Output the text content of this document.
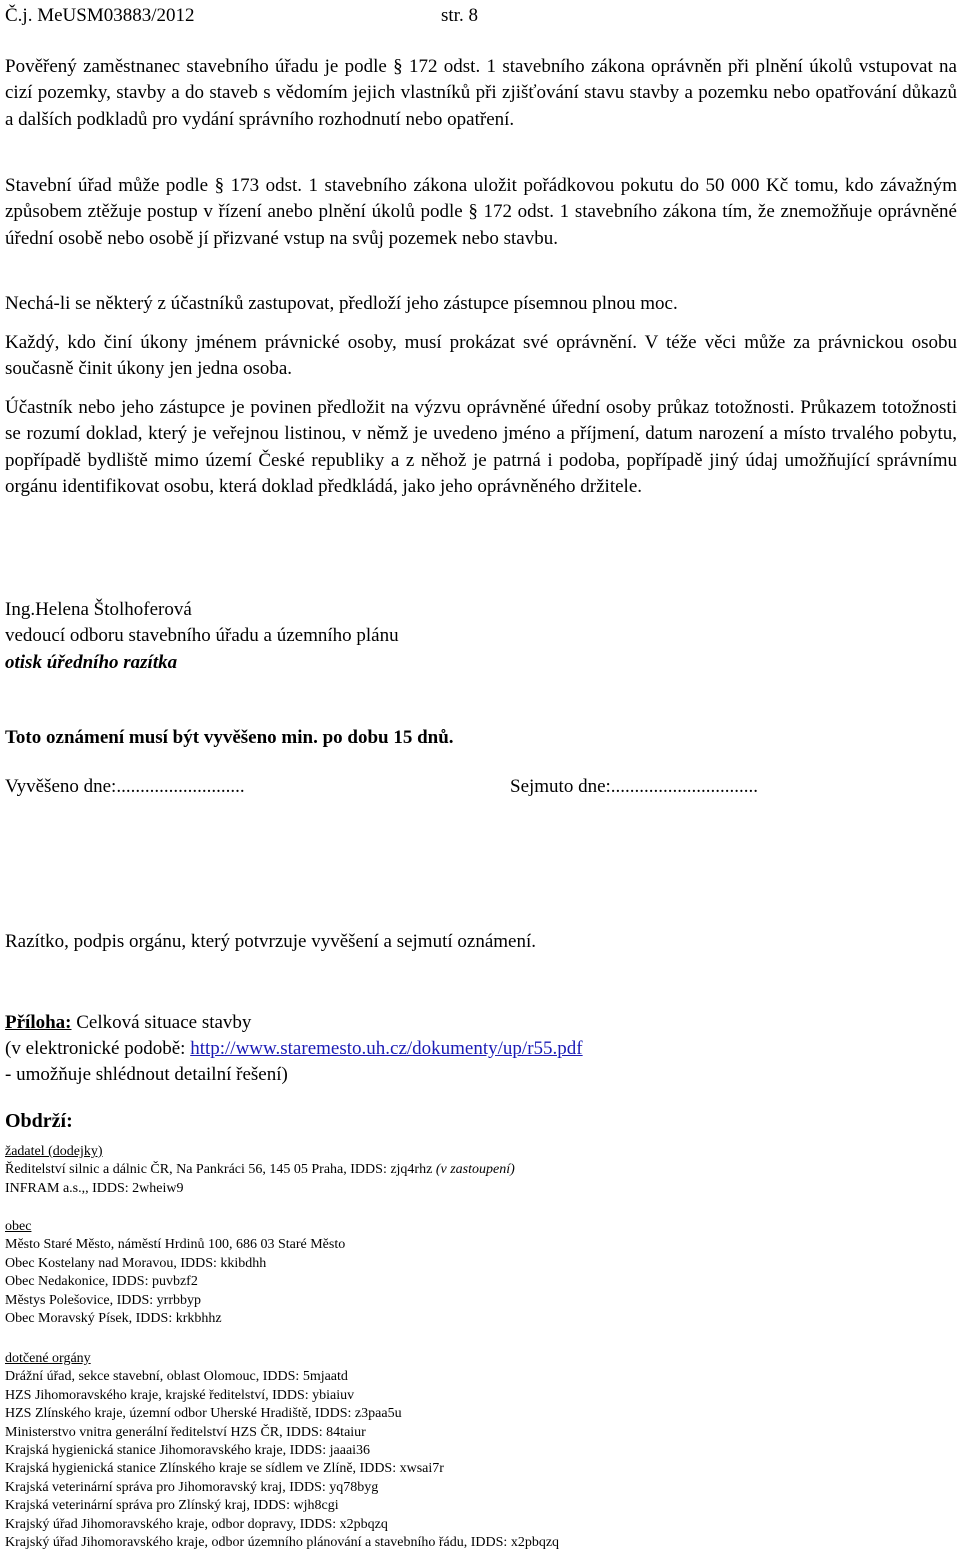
Č.j. MeUSM03883/2012	str. 8

Pověřený zaměstnanec stavebního úřadu je podle § 172 odst. 1 stavebního zákona oprávněn při plnění úkolů vstupovat na cizí pozemky, stavby a do staveb s vědomím jejich vlastníků při zjišťování stavu stavby a pozemku nebo opatřování důkazů a dalších podkladů pro vydání správního rozhodnutí nebo opatření.

Stavební úřad může podle § 173 odst. 1 stavebního zákona uložit pořádkovou pokutu do 50 000 Kč tomu, kdo závažným způsobem ztěžuje postup v řízení anebo plnění úkolů podle § 172 odst. 1 stavebního zákona tím, že znemožňuje oprávněné úřední osobě nebo osobě jí přizvané vstup na svůj pozemek nebo stavbu.

Nechá-li se některý z účastníků zastupovat, předloží jeho zástupce písemnou plnou moc.

Každý, kdo činí úkony jménem právnické osoby, musí prokázat své oprávnění. V téže věci může za právnickou osobu současně činit úkony jen jedna osoba.

Účastník nebo jeho zástupce je povinen předložit na výzvu oprávněné úřední osoby průkaz totožnosti. Průkazem totožnosti se rozumí doklad, který je veřejnou listinou, v němž je uvedeno jméno a příjmení, datum narození a místo trvalého pobytu, popřípadě bydliště mimo území České republiky a z něhož je patrná i podoba, popřípadě jiný údaj umožňující správnímu orgánu identifikovat osobu, která doklad předkládá, jako jeho oprávněného držitele.

Ing.Helena Štolhoferová
vedoucí odboru stavebního úřadu a územního plánu
otisk úředního razítka
Toto oznámení musí být vyvěšeno min. po dobu 15 dnů.
Vyvěšeno dne:...........................	Sejmuto dne:...............................
Razítko, podpis orgánu, který potvrzuje vyvěšení a sejmutí oznámení.
Příloha: Celková situace stavby
(v elektronické podobě: http://www.staremesto.uh.cz/dokumenty/up/r55.pdf
- umožňuje shlédnout detailní řešení)
Obdrží:
žadatel (dodejky)
Ředitelství silnic a dálnic ČR, Na Pankráci 56, 145 05 Praha, IDDS: zjq4rhz (v zastoupení)
INFRAM a.s.,, IDDS: 2wheiw9
obec
Město Staré Město, náměstí Hrdinů 100, 686 03 Staré Město
Obec Kostelany nad Moravou, IDDS: kkibdhh
Obec Nedakonice, IDDS: puvbzf2
Městys Polešovice, IDDS: yrrbbyp
Obec Moravský Písek, IDDS: krkbhhz
dotčené orgány
Drážní úřad, sekce stavební, oblast Olomouc, IDDS: 5mjaatd
HZS Jihomoravského kraje, krajské ředitelství, IDDS: ybiaiuv
HZS Zlínského kraje, územní odbor Uherské Hradiště, IDDS: z3paa5u
Ministerstvo vnitra generální ředitelství HZS ČR, IDDS: 84taiur
Krajská hygienická stanice Jihomoravského kraje, IDDS: jaaai36
Krajská hygienická stanice Zlínského kraje se sídlem ve Zlíně, IDDS: xwsai7r
Krajská veterinární správa pro Jihomoravský kraj, IDDS: yq78byg
Krajská veterinární správa pro Zlínský kraj, IDDS: wjh8cgi
Krajský úřad Jihomoravského kraje, odbor dopravy, IDDS: x2pbqzq
Krajský úřad Jihomoravského kraje, odbor územního plánování a stavebního řádu, IDDS: x2pbqzq
